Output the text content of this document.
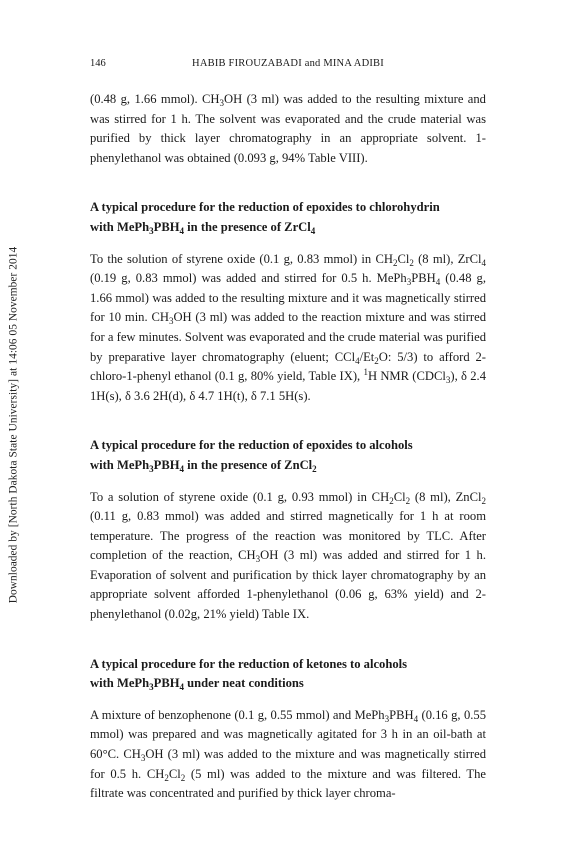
Downloaded by [North Dakota State University] at 14:06 05 November 2014
146	HABIB FIROUZABADI and MINA ADIBI

(0.48 g, 1.66 mmol). $CH_3OH$ (3 ml) was added to the resulting mixture and was stirred for 1 h. The solvent was evaporated and the crude material was purified by thick layer chromatography in an appropriate solvent. 1-phenylethanol was obtained (0.093 g, 94% Table VIII).

A typical procedure for the reduction of epoxides to chlorohydrin
with $MePh_3PBH_4$ in the presence of ZrCl$_4$

To the solution of styrene oxide (0.1 g, 0.83 mmol) in $CH_2Cl_2$ (8 ml), ZrCl$_4$ (0.19 g, 0.83 mmol) was added and stirred for 0.5 h. $MePh_3PBH_4$ (0.48 g, 1.66 mmol) was added to the resulting mixture and it was magnetically stirred for 10 min. $CH_3OH$ (3 ml) was added to the reaction mixture and was stirred for a few minutes. Solvent was evaporated and the crude material was purified by preparative layer chromatography (eluent; $CCl_4/Et_2O$: 5/3) to afford 2-chloro-1-phenyl ethanol (0.1 g, 80% yield, Table IX), $^1$H NMR (CDCl$_3$), δ 2.4 1H(s), δ 3.6 2H(d), δ 4.7 1H(t), δ 7.1 5H(s).

A typical procedure for the reduction of epoxides to alcohols
with $MePh_3PBH_4$ in the presence of ZnCl$_2$

To a solution of styrene oxide (0.1 g, 0.93 mmol) in $CH_2Cl_2$ (8 ml), ZnCl$_2$ (0.11 g, 0.83 mmol) was added and stirred magnetically for 1 h at room temperature. The progress of the reaction was monitored by TLC. After completion of the reaction, $CH_3OH$ (3 ml) was added and stirred for 1 h. Evaporation of solvent and purification by thick layer chromatography by an appropriate solvent afforded 1-phenylethanol (0.06 g, 63% yield) and 2-phenylethanol (0.02g, 21% yield) Table IX.

A typical procedure for the reduction of ketones to alcohols
with $MePh_3PBH_4$ under neat conditions

A mixture of benzophenone (0.1 g, 0.55 mmol) and $MePh_3PBH_4$ (0.16 g, 0.55 mmol) was prepared and was magnetically agitated for 3 h in an oil-bath at 60°C. $CH_3OH$ (3 ml) was added to the mixture and was magnetically stirred for 0.5 h. $CH_2Cl_2$ (5 ml) was added to the mixture and was filtered. The filtrate was concentrated and purified by thick layer chroma-
